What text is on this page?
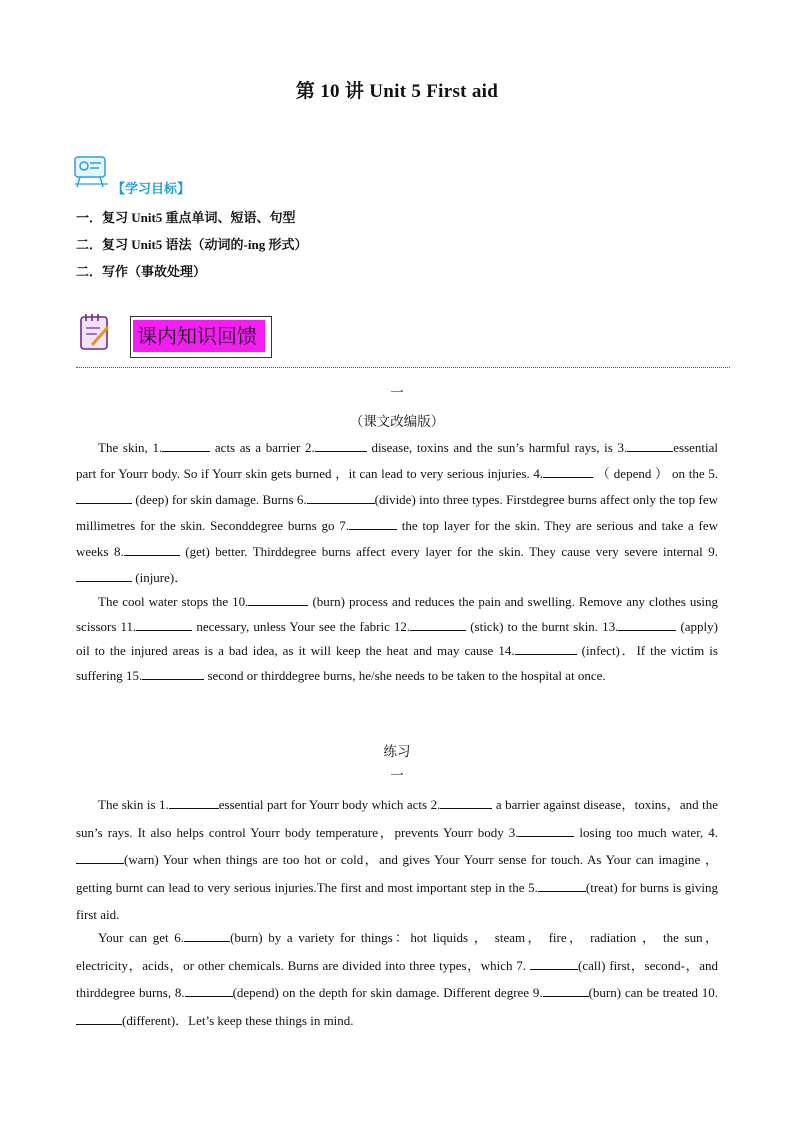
第 10 讲 Unit 5 First aid
【学习目标】
一．复习 Unit5 重点单词、短语、句型
二．复习 Unit5 语法（动词的-ing 形式）
二．写作（事故处理）
课内知识回馈
一
（课文改编版）

The skin, 1.	acts as a barrier 2.	disease, toxins and the sun’s harmful rays, is 3.	essential part for Yourr body. So if Yourr skin gets burned ，it can lead to very serious injuries. 4.	（ depend ） on the 5. (deep) for skin damage. Burns 6.	(divide) into three types. Firstdegree burns affect only the top few millimetres for the skin. Seconddegree burns go 7.	the top layer for the skin. They are serious and take a few weeks 8.	(get) better. Thirddegree burns affect every layer for the skin. They cause very severe internal 9. (injure)．

The cool water stops the 10.	(burn) process and reduces the pain and swelling. Remove any clothes using scissors 11.	necessary, unless Your see the fabric 12.	(stick) to the burnt skin. 13.	(apply) oil to the injured areas is a bad idea, as it will keep the heat and may cause 14.	(infect)．If the victim is suffering 15.	second or thirddegree burns, he/she needs to be taken to the hospital at once.

练习
一

The skin is 1.	essential part for Yourr body which acts 2.	a barrier against disease，toxins，and the sun’s rays. It also helps control Yourr body temperature，prevents Yourr body 3.	losing too much water, 4.(warn) Your when things are too hot or cold，and gives Your Yourr sense for touch. As Your can imagine ， getting burnt can lead to very serious injuries.The first and most important step in the 5.	(treat) for burns is giving first aid.

Your can get 6.	(burn) by a variety for things：hot liquids ， steam， fire， radiation ， the sun，electricity，acids，or other chemicals. Burns are divided into three types，which 7.	(call) first，second-，and thirddegree burns, 8.	(depend) on the depth for skin damage. Different degree 9.	(burn) can be treated 10.(different)．Let’s keep these things in mind.
